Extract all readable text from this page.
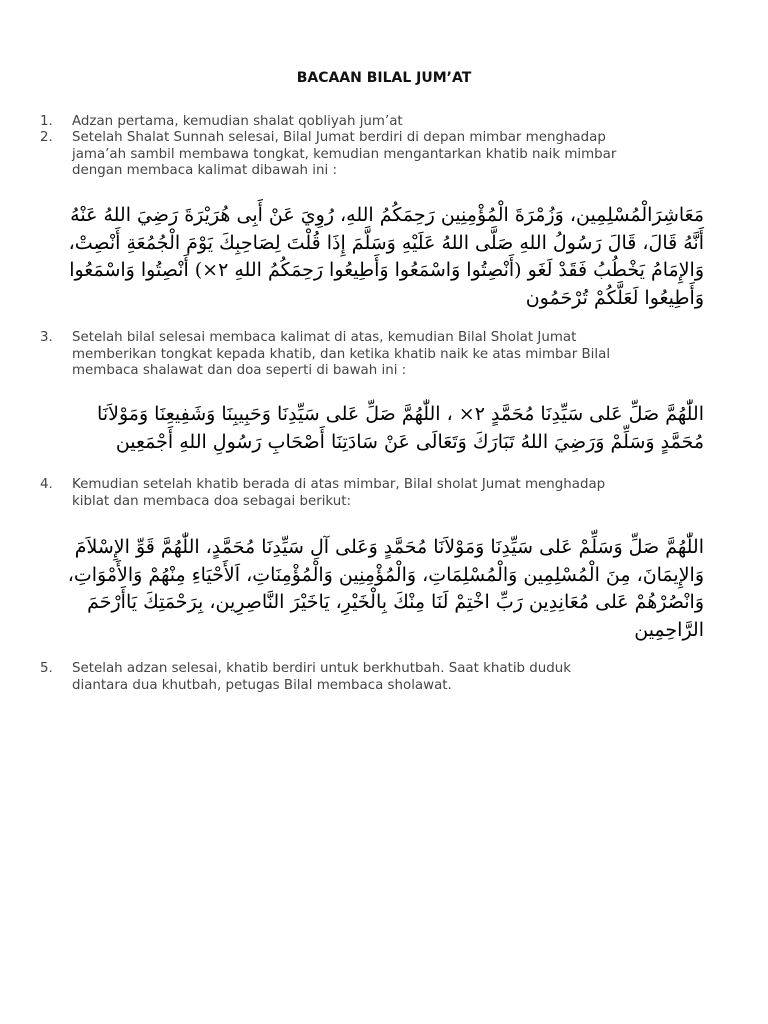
BACAAN BILAL JUM’AT
1.	Adzan pertama, kemudian shalat qobliyah jum’at
2.	Setelah Shalat Sunnah selesai, Bilal Jumat berdiri di depan mimbar menghadap
jama’ah sambil membawa tongkat, kemudian mengantarkan khatib naik mimbar
dengan membaca kalimat dibawah ini :
مَعَاشِرَالْمُسْلِمِين، وَزُمْرَةَ الْمُؤْمِنِين رَحِمَكُمُ اللهِ، رُوِيَ عَنْ أَبِى هُرَيْرَةَ رَضِيَ اللهُ عَنْهُ
أَنَّهُ قَالَ، قَالَ رَسُولُ اللهِ صَلَّى اللهُ عَلَيْهِ وَسَلَّمَ إِذَا قُلْتَ لِصَاحِبِكَ يَوْمَ الْجُمُعَةِ أَنْصِتْ،
وَالإِمَامُ يَخْطُبُ فَقَدْ لَغَو (أَنْصِتُوا وَاسْمَعُوا وَأَطِيعُوا رَحِمَكُمُ اللهِ ٢×) أَنْصِتُوا وَاسْمَعُوا
وَأَطِيعُوا لَعَلَّكُمْ تُرْحَمُون
3.	Setelah bilal selesai membaca kalimat di atas, kemudian Bilal Sholat Jumat
memberikan tongkat kepada khatib, dan ketika khatib naik ke atas mimbar Bilal
membaca shalawat dan doa seperti di bawah ini :
اللّٰهُمَّ صَلِّ عَلى سَيِّدِنَا مُحَمَّدٍ ٢× ، اللّٰهُمَّ صَلِّ عَلى سَيِّدِنَا وَحَبِيبِنَا وَشَفِيعِنَا وَمَوْلاَنَا
مُحَمَّدٍ وَسَلِّمْ وَرَضِيَ اللهُ تَبَارَكَ وَتَعَالَى عَنْ سَادَتِنَا أَصْحَابِ رَسُولِ اللهِ أَجْمَعِين
4.	Kemudian setelah khatib berada di atas mimbar, Bilal sholat Jumat menghadap
kiblat dan membaca doa sebagai berikut:
اللّٰهُمَّ صَلِّ وَسَلِّمْ عَلى سَيِّدِنَا وَمَوْلاَنَا مُحَمَّدٍ وَعَلى آلِ سَيِّدِنَا مُحَمَّدٍ، اللّٰهُمَّ قَوِّ الإِسْلاَمَ
وَالإِيمَانَ، مِنَ الْمُسْلِمِين وَالْمُسْلِمَاتِ، وَالْمُؤْمِنِين وَالْمُؤْمِنَاتِ، اَلأَحْيَاءِ مِنْهُمْ وَالأَمْوَاتِ،
وَانْصُرْهُمْ عَلى مُعَانِدِين رَبِّ اخْتِمْ لَنَا مِنْكَ بِالْخَيْرِ، يَاخَيْرَ النَّاصِرِين، بِرَحْمَتِكَ يَاأَرْحَمَ
الرَّاحِمِين
5.	Setelah adzan selesai, khatib berdiri untuk berkhutbah. Saat khatib duduk
diantara dua khutbah, petugas Bilal membaca sholawat.
